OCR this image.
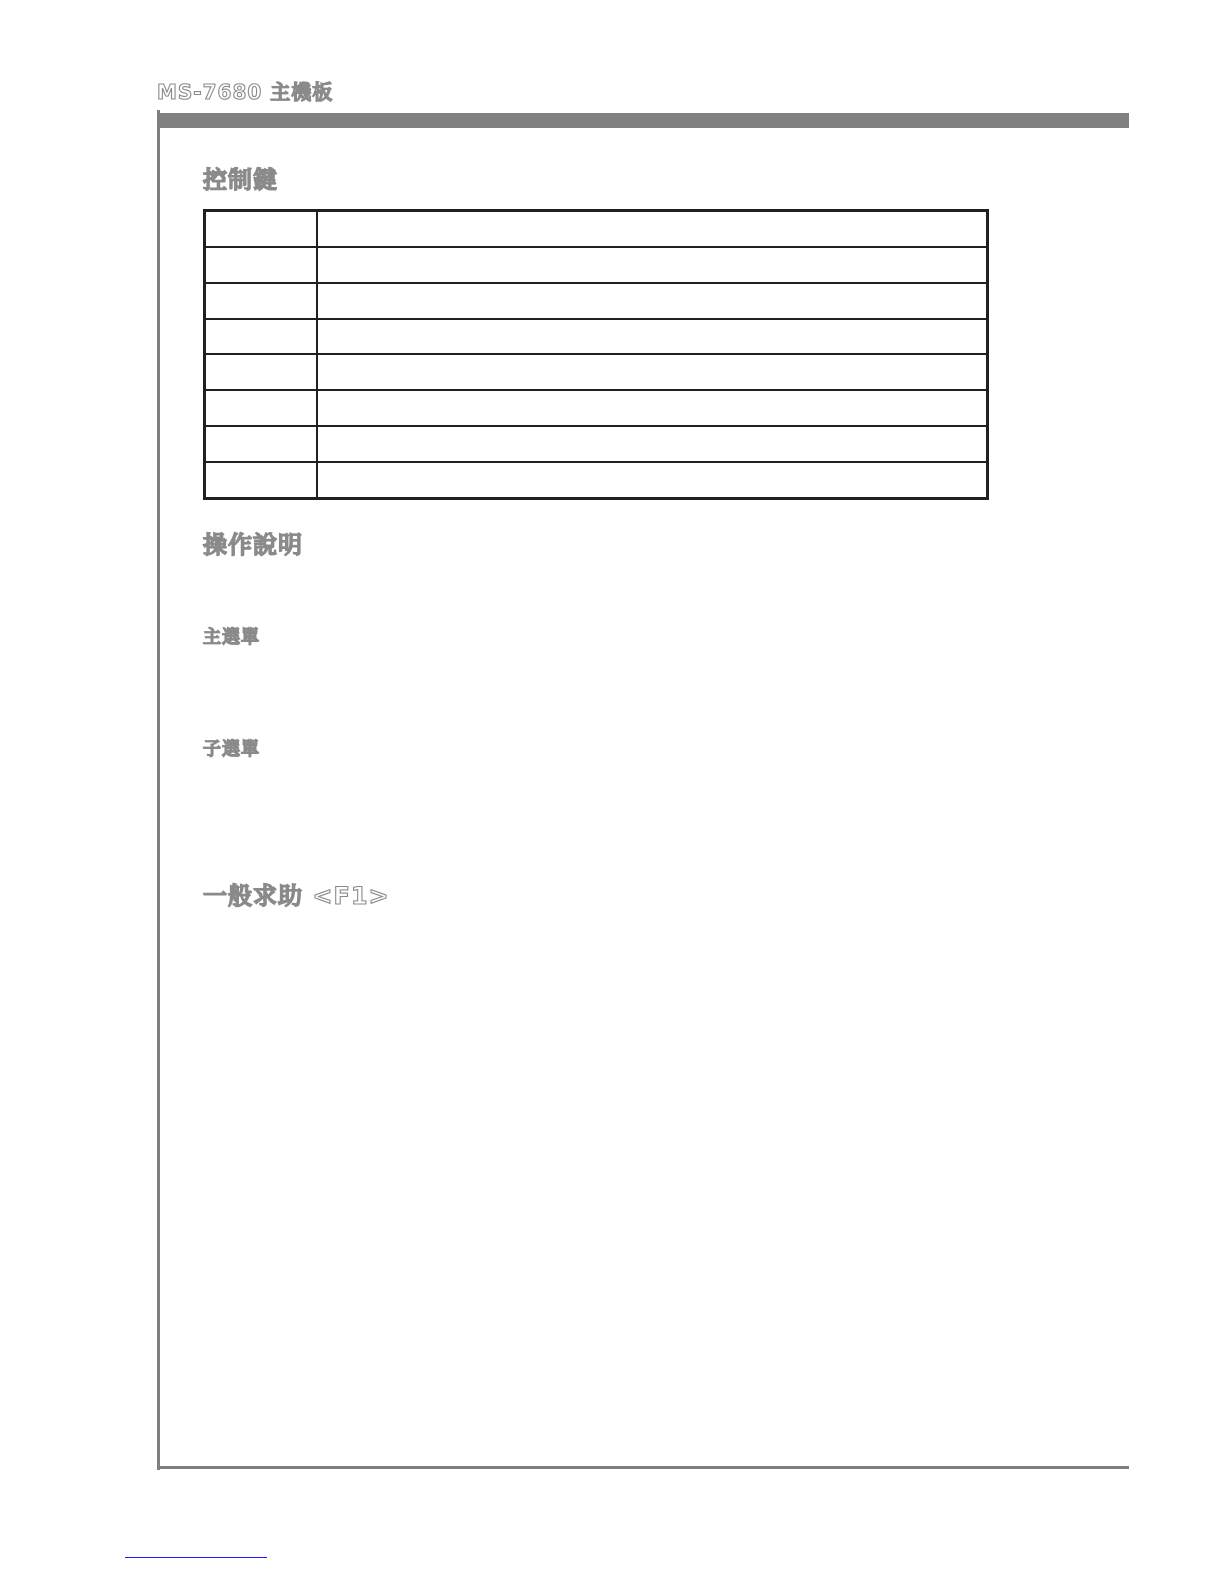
MS-7680 主機板
控制鍵

操作說明
主選單
子選單
一般求助 <F1>
